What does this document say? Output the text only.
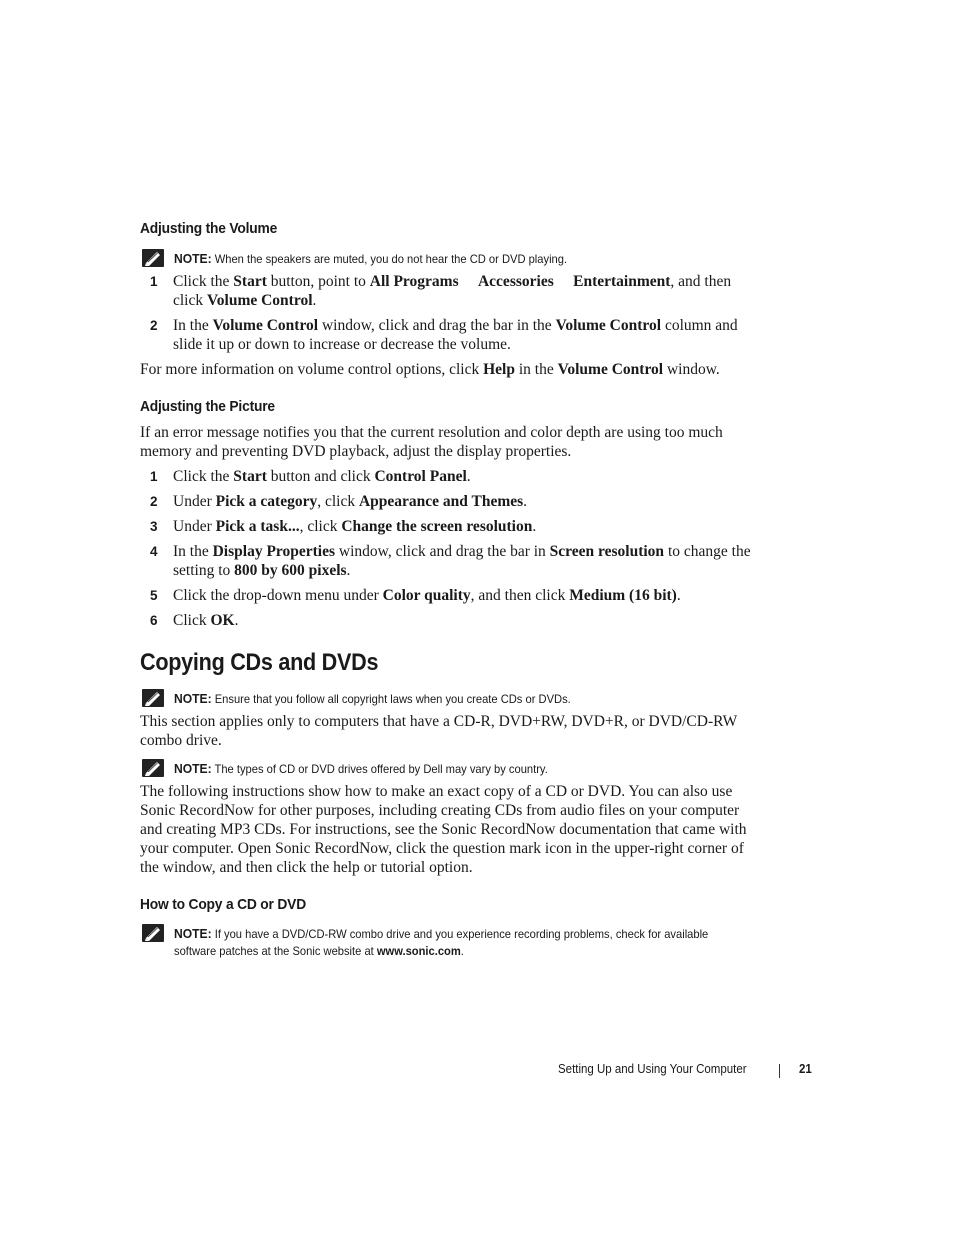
Adjusting the Volume
NOTE: When the speakers are muted, you do not hear the CD or DVD playing.
1 Click the Start button, point to All Programs Accessories Entertainment, and then click Volume Control.
2 In the Volume Control window, click and drag the bar in the Volume Control column and slide it up or down to increase or decrease the volume.

For more information on volume control options, click Help in the Volume Control window.

Adjusting the Picture

If an error message notifies you that the current resolution and color depth are using too much memory and preventing DVD playback, adjust the display properties.

1 Click the Start button and click Control Panel.
2 Under Pick a category, click Appearance and Themes.
3 Under Pick a task..., click Change the screen resolution.
4 In the Display Properties window, click and drag the bar in Screen resolution to change the setting to 800 by 600 pixels.
5 Click the drop-down menu under Color quality, and then click Medium (16 bit).
6 Click OK.
Copying CDs and DVDs
NOTE: Ensure that you follow all copyright laws when you create CDs or DVDs.

This section applies only to computers that have a CD-R, DVD+RW, DVD+R, or DVD/CD-RW combo drive.

NOTE: The types of CD or DVD drives offered by Dell may vary by country.

The following instructions show how to make an exact copy of a CD or DVD. You can also use Sonic RecordNow for other purposes, including creating CDs from audio files on your computer and creating MP3 CDs. For instructions, see the Sonic RecordNow documentation that came with your computer. Open Sonic RecordNow, click the question mark icon in the upper-right corner of the window, and then click the help or tutorial option.

How to Copy a CD or DVD
NOTE: If you have a DVD/CD-RW combo drive and you experience recording problems, check for available software patches at the Sonic website at www.sonic.com.
Setting Up and Using Your Computer	21
